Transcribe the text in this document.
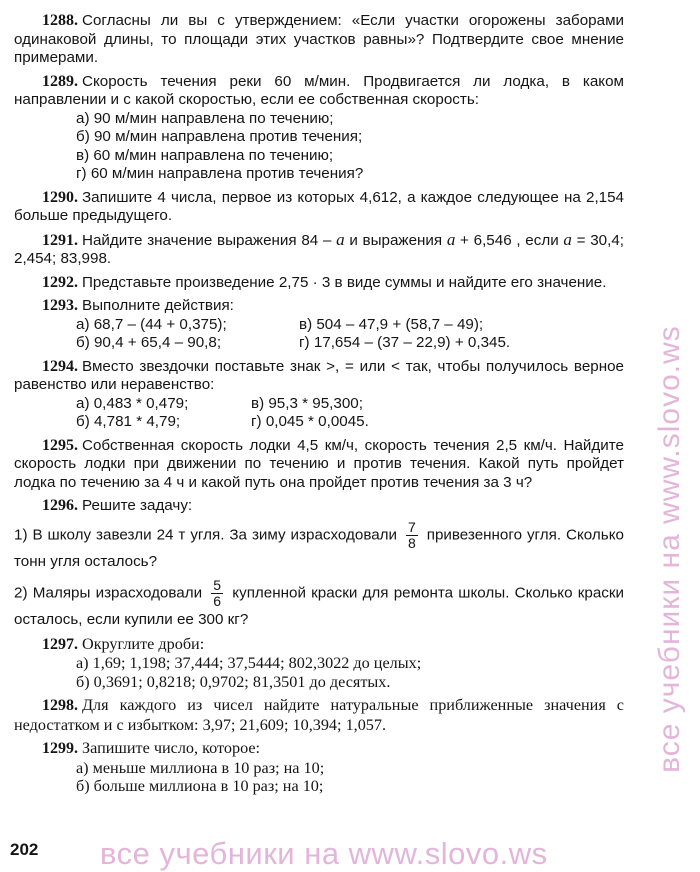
1288. Согласны ли вы с утверждением: «Если участки огорожены заборами одинаковой длины, то площади этих участков равны»? Подтвердите свое мнение примерами.

1289. Скорость течения реки 60 м/мин. Продвигается ли лодка, в каком направлении и с какой скоростью, если ее собственная скорость:
а) 90 м/мин направлена по течению;
б) 90 м/мин направлена против течения;
в) 60 м/мин направлена по течению;
г) 60 м/мин направлена против течения?

1290. Запишите 4 числа, первое из которых 4,612, а каждое следующее на 2,154 больше предыдущего.

1291. Найдите значение выражения 84 – a и выражения a + 6,546 , если a = 30,4; 2,454; 83,998.

1292. Представьте произведение 2,75 · 3 в виде суммы и найдите его значение.

1293. Выполните действия:
а) 68,7 – (44 + 0,375);	в) 504 – 47,9 + (58,7 – 49);
б) 90,4 + 65,4 – 90,8;	г) 17,654 – (37 – 22,9) + 0,345.
1294. Вместо звездочки поставьте знак >, = или < так, чтобы получилось верное равенство или неравенство:
а) 0,483 * 0,479;	в) 95,3 * 95,300;
б) 4,781 * 4,79;	г) 0,045 * 0,0045.

1295. Собственная скорость лодки 4,5 км/ч, скорость течения 2,5 км/ч. Найдите скорость лодки при движении по течению и против течения. Какой путь пройдет лодка по течению за 4 ч и какой путь она пройдет против течения за 3 ч?

1296. Решите задачу:
1) В школу завезли 24 т угля. За зиму израсходовали $\frac{7}{8}$ привезенного угля. Сколько тонн угля осталось?
2) Маляры израсходовали $\frac{5}{6}$ купленной краски для ремонта школы. Сколько краски осталось, если купили ее 300 кг?
1297. Округлите дроби:
а) 1,69; 1,198; 37,444; 37,5444; 802,3022 до целых;
б) 0,3691; 0,8218; 0,9702; 81,3501 до десятых.

1298. Для каждого из чисел найдите натуральные приближенные значения с недостатком и с избытком: 3,97; 21,609; 10,394; 1,057.

1299. Запишите число, которое:
а) меньше миллиона в 10 раз; на 10;
б) больше миллиона в 10 раз; на 10;
все учебники на www.slovo.ws
202 все учебники на www.slovo.ws
